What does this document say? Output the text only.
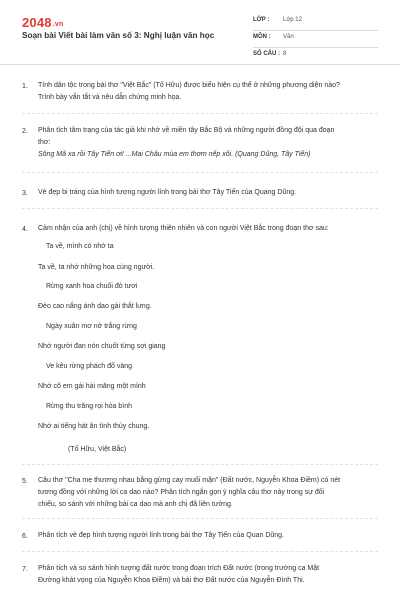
2048.vn
Soạn bài Viết bài làm văn số 3: Nghị luận văn học
LỚP : Lớp 12
MÔN : Văn
SỐ CÂU : 8
1. Tính dân tộc trong bài thơ "Việt Bắc" (Tố Hữu) được biểu hiện cụ thể ở những phương diện nào?
Trình bày vắn tắt và nêu dẫn chứng minh họa.
2. Phân tích tâm trạng của tác giả khi nhớ về miền tây Bắc Bộ và những người đồng đội qua đoạn
thơ:
Sông Mã xa rồi Tây Tiến ơi! ...Mai Châu mùa em thơm nếp xôi. (Quang Dũng, Tây Tiến)
3. Vẻ đẹp bi tráng của hình tượng người lính trong bài thơ Tây Tiến của Quang Dũng.
4. Cảm nhận của anh (chị) về hình tượng thiên nhiên và con người Việt Bắc trong đoạn thơ sau:
Ta về, mình có nhớ ta
Ta về, ta nhớ những hoa cùng người.
Rừng xanh hoa chuối đỏ tươi
Đèo cao nắng ánh dao gài thắt lưng.
Ngày xuân mơ nở trắng rừng
Nhớ người đan nón chuốt từng sợi giang
Ve kêu rừng phách đổ vàng
Nhớ cô em gái hái măng một mình
Rừng thu trăng rọi hòa bình
Nhớ ai tiếng hát ân tình thủy chung.
(Tố Hữu, Việt Bắc)
5. Câu thơ "Cha mẹ thương nhau bằng gừng cay muối mặn" (Đất nước, Nguyễn Khoa Điềm) có nét
tương đồng với những lời ca dao nào? Phân tích ngắn gọn ý nghĩa câu thơ này trong sự đối
chiếu, so sánh với những bài ca dao mà anh chị đã liên tưởng.
6. Phân tích vẻ đẹp hình tượng người lính trong bài thơ Tây Tiến của Quan Dũng.
7. Phân tích và so sánh hình tượng đất nước trong đoạn trích Đất nước (trong trường ca Mặt
Đường khát vọng của Nguyễn Khoa Điềm) và bài thơ Đất nước của Nguyễn Đình Thi.
